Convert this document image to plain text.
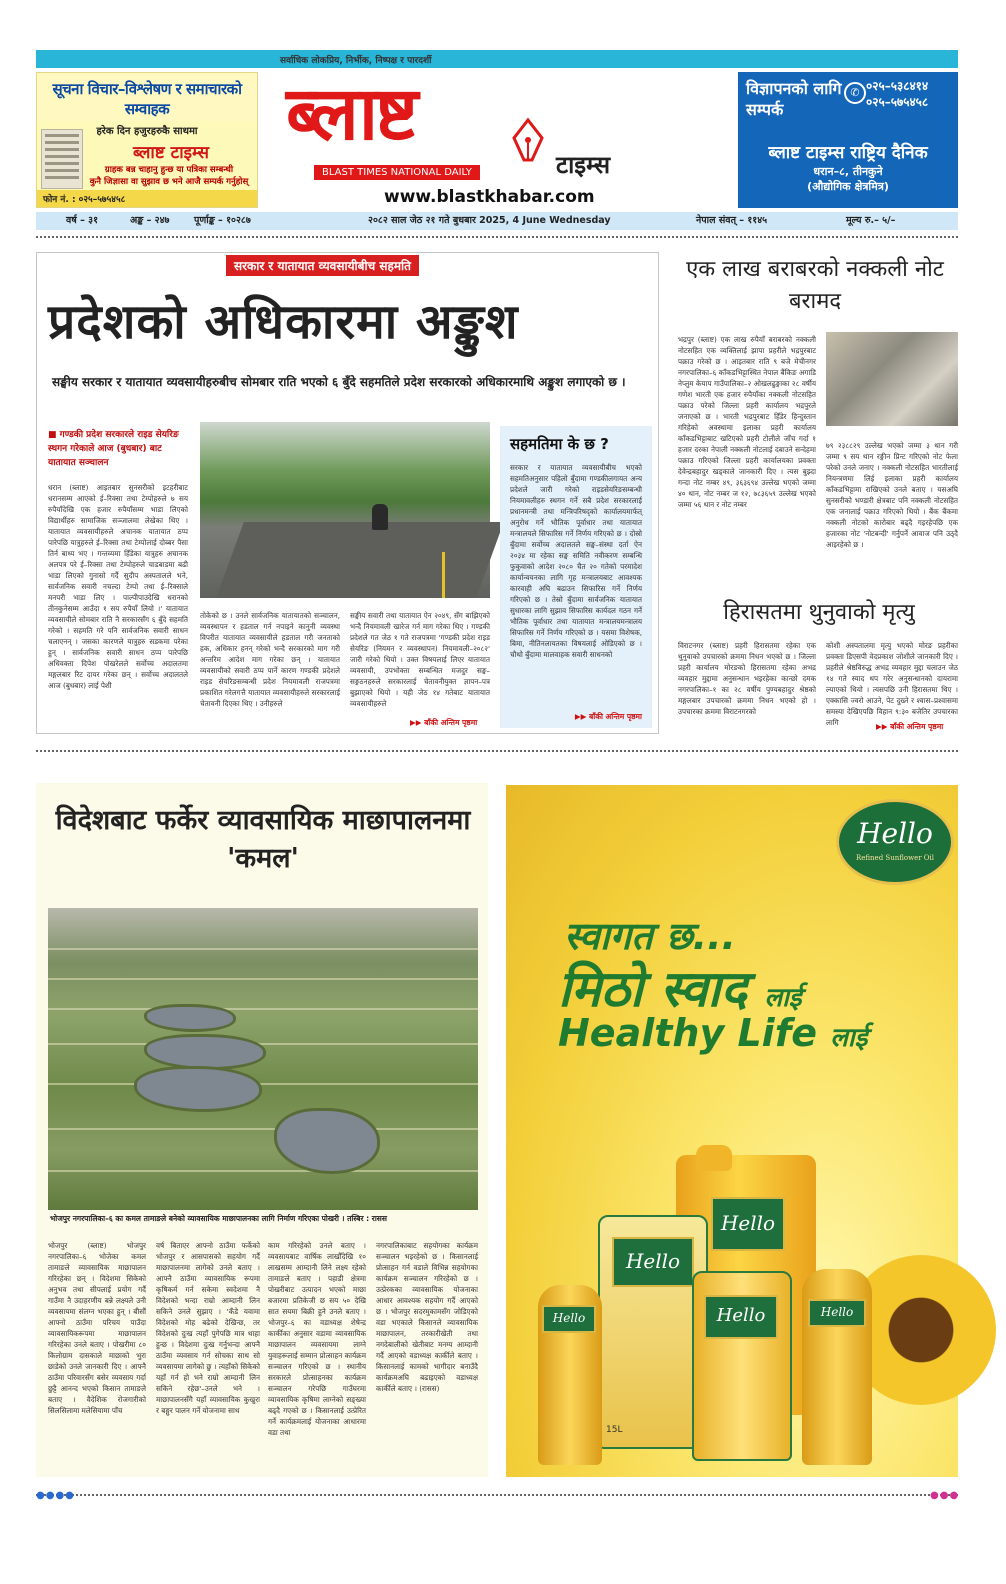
सर्वाधिक लोकप्रिय, निर्भीक, निष्पक्ष र पारदर्शी
सूचना विचार–विश्लेषण र समाचारको सम्वाहक
हरेक दिन हजुरहरुकै साथमा
ब्लाष्ट टाइम्स
ग्राहक बन्न चाहानु हुन्छ या पत्रिका सम्बन्धी
कुनै जिज्ञासा वा सुझाव छ भने आजै सम्पर्क गर्नुहोस्
फोन नं. : ०२५–५७५४५८
ब्लाष्ट
टाइम्स
BLAST TIMES NATIONAL DAILY
www.blastkhabar.com
विज्ञापनको लागि सम्पर्क
✆ ०२५–५३८४१४
०२५–५७५४५८
ब्लाष्ट टाइम्स राष्ट्रिय दैनिक
धरान–८, तीनकुने
(औद्योगिक क्षेत्रमित्र)
वर्ष – ३१	अङ्क – २४७	पूर्णाङ्क – १०२८७	२०८२ साल जेठ २१ गते बुधबार 2025, 4 June Wednesday	नेपाल संवत् – ११४५	मूल्य रु.– ५/–
सरकार र यातायात व्यवसायीबीच सहमति
प्रदेशको अधिकारमा अङ्कुश
सङ्घीय सरकार र यातायात व्यवसायीहरुबीच सोमबार राति भएको ६ बुँदे सहमतिले प्रदेश सरकारको अधिकारमाथि अङ्कुश लगाएको छ ।
■ गण्डकी प्रदेश सरकारले राइड सेयरिङ स्थगन गरेकाले आज (बुधबार) बाट यातायात सञ्चालन
धरान (ब्लाष्ट) आइतबार सुनसरीको इटहरीबाट धरानसम्म आएको ई–रिक्सा तथा टेम्पोहरुले ७ सय रुपैयाँदेखि एक हजार रुपैयाँसम्म भाडा लिएको विद्यार्थीहरु सामाजिक सञ्जालमा लेखेका थिए । यातायात व्यवसायीहरुले अचानक यातायात ठप्प पारेपछि यात्रुहरुले ई–रिक्सा तथा टेम्पोलाई दोब्बर पैसा तिर्न बाध्य भए । गन्तव्यमा हिँडेका यात्रुहरु अचानक अलपत्र परे ई–रिक्सा तथा टेम्पोहरुले चाडबाडमा बढी भाडा लिएको गुनासो गर्दै सुदीप अस्पतालले भने, सार्वजनिक सवारी नचल्दा टेम्पो तथा ई–रिक्साले मनपरी भाडा लिए । पाल्पीपाउदेखि धरानको तीनकुनेसम्म आउँदा १ सय रुपैयाँ लियो ।' यातायात व्यवसायीले सोमबार राति नै सरकारसँग ६ बुँदे सहमति गरेको । सहमति गरे पनि सार्वजनिक सवारी साधन चलाएनन् । जसका कारणले यात्रुहरु सडकमा परेका हुन् । सार्वजनिक सवारी साधन ठप्प पारेपछि अधिवक्ता दिपेश पोखरेलले सर्वोच्च अदालतमा मङ्गलबार रिट दायर गरेका छन् । सर्वोच्च अदालतले आज (बुधबार) लाई पेशी
तोकेको छ । उनले सार्वजनिक यातायातको सञ्चालन, व्यवस्थापन र हडताल गर्न नपाइने कानुनी व्यवस्था विपरीत यातायात व्यवसायीले हडताल गरी जनताको हक, अधिकार हनन् गरेको भन्दै सरकारको माग गरी अन्तरिम आदेश माग गरेका छन् । यातायात व्यवसायीको सवारी ठप्प पार्ने कारण गण्डकी प्रदेशले राइड सेयरिङसम्बन्धी प्रदेश नियमावली राजपत्रमा प्रकाशित गरेलगत्तै यातायात व्यवसायीहरुले सरकारलाई चेतावनी दिएका थिए । उनीहरुले
सङ्घीय सवारी तथा यातायात ऐन २०४९, सँग बाझिएको भन्दै नियमावली खारेज गर्न माग गरेका थिए । गण्डकी प्रदेशले गत जेठ १ गते राजपत्रमा 'गण्डकी प्रदेश राइड सेयरिङ (नियमन र व्यवस्थापन) नियमावली–२०८२' जारी गरेको थियो । उक्त विषयलाई लिएर यातायात व्यवसायी, उपभोक्ता सम्बन्धित मजदुर सङ्घ–सङ्गठनहरुले सरकारलाई चेतावनीयुक्त ज्ञापन–पत्र बुझाएको थियो । यही जेठ १४ गतेबाट यातायात व्यवसायीहरुले
▶▶ बाँकी अन्तिम पृष्ठमा
सहमतिमा के छ ?
सरकार र यातायात व्यवसायीबीच भएको सहमतिअनुसार पहिलो बुँदामा गण्डकीलगायत अन्य प्रदेशले जारी गरेको राइडसेयरिङसम्बन्धी नियमावलीहरु स्थगन गर्ने सबै प्रदेश सरकारलाई प्रधानमन्त्री तथा मन्त्रिपरिषद्को कार्यालयमार्फत् अनुरोध गर्ने भौतिक पूर्वाधार तथा यातायात मन्त्रालयले सिफारिस गर्ने निर्णय गरिएको छ । दोस्रो बुँदामा सर्वोच्च अदालतले सङ्घ–संस्था दर्ता ऐन २०३४ मा रहेका सङ्घ समिति नवीकरण सम्बन्धि फुकुवाको आदेश २०८० चैत २० गतेको परमादेश कार्यान्वयनका लागि गृह मन्त्रालयबाट आवश्यक कारवाही अघि बढाउन सिफारिस गर्ने निर्णय गरिएको छ । तेस्रो बुँदामा सार्वजनिक यातायात सुधारका लागि सुझाव सिफारिस कार्यदल गठन गर्ने भौतिक पूर्वाधार तथा यातायात मन्त्रालयमन्त्रालय सिफारिस गर्ने निर्णय गरिएको छ । यसमा विशेषक, बिमा, नीतिनलायतका विषयलाई ओडिएको छ । चौथो बुँदामा मालवाहक सवारी साधनको
▶▶ बाँकी अन्तिम पृष्ठमा
एक लाख बराबरको नक्कली नोट बरामद
भद्रपुर (ब्लाष्ट) एक लाख रुपैयाँ बराबरको नक्कली नोटसहित एक व्यक्तिलाई झापा प्रहरीले भद्रपुरबाट पक्राउ गरेको छ । आइतबार राति ९ बजे मेचीनगर नगरपालिका–६ काँकडभिट्टास्थित नेपाल बैंकिङ अगाडि नेप्लुम केयाप गाउँपालिका–२ ओखलढुङ्गाका २८ वर्षीय गणेश भारती एक हजार रुपैयाँका नक्कली नोटसहित पक्राउ परेको जिल्ला प्रहरी कार्यालय भद्रपुरले जनाएको छ । भारती भद्रपुरबाट हिँडेर हिन्दुस्तान गरिहेको अवस्थामा इलाका प्रहरी कार्यालय काँकडभिट्टाबाट खटिएको प्रहरी टोलीले जाँच गर्दा १ हजार दरका नेपाली नक्कली नोटलाई दबाउने सन्देहमा पक्राउ गरिएको जिल्ला प्रहरी कार्यालयका प्रवक्ता देवेन्द्रबहादुर खड्काले जानकारी दिए । त्यस बुझ्दा गन्दा नोट नम्बर ४९, ३६३६९४ उल्लेख भएको जम्मा ४० थान, नोट नम्बर ज १२, ७८३६५९ उल्लेख भएको जम्मा ५६ थान र नोट नम्बर
७९ २३८८२९ उल्लेख भएको जम्मा ३ थान गरी जम्मा ९ सय थान रङ्गीन प्रिन्ट गरिएको नोट फेला परेको उनले जनाए । नक्कली नोटसहित भारतीलाई नियन्त्रणमा लिई इलाका प्रहरी कार्यालय काँकडभिट्टामा राखिएको उनले बताए । यसअघि सुनसरीको भण्डारी क्षेत्रबाट पनि नक्कली नोटसहित एक जनालाई पक्राउ गरिएको थियो । बैंक बैंकमा नक्कली नोटको कारोबार बढ्दै गइरहेपछि एक हजारका नोट 'नोटबन्दी' गर्नुपर्ने आवाज पनि उठ्दै आइरहेको छ ।
हिरासतमा थुनुवाको मृत्यु
विराटनगर (ब्लाष्ट) प्रहरी हिरासतमा रहेका एक थुनुवाको उपचारको क्रममा निधन भएको छ । जिल्ला प्रहरी कार्यालय मोरङको हिरासतमा रहेका अभद्र व्यवहार मुद्दामा अनुसन्धान भइरहेका कान्छो दमक नगरपालिका–१ का २८ वर्षीय पुण्यबहादुर श्रेष्ठको मङ्गलबार उपचारको क्रममा निधन भएको हो । उपचारका क्रममा विराटनगरको
कोशी अस्पतालमा मृत्यु भएको मोरङ प्रहरीका प्रवक्ता डिएसपी वेदप्रकाश जोशीले जानकारी दिए । प्रहरीले श्रेष्ठविरुद्ध अभद्र व्यवहार मुद्दा चलाउन जेठ १४ गते स्याद थप गरेर अनुसन्धानको दायरामा ल्याएको थियो । त्यसपछि उनी हिरासतमा थिए । एक्कासि ज्वरो आउने, पेट दुख्ने र श्वास–प्रश्वासमा समस्या देखिएपछि विहान ९:३० बजेतिर उपचारका लागि	▶▶ बाँकी अन्तिम पृष्ठमा
विदेशबाट फर्केर व्यावसायिक माछापालनमा 'कमल'
भोजपुर नगरपालिका–६ का कमल तामाङले बनेको व्यावसायिक माछापालनका लागि निर्माण गरिएका पोखरी । तस्बिर : रासस
भोजपुर (ब्लाष्ट) भोजपुर नगरपालिका–६ भोजेका कमल तामाङले व्यावसायिक माछापालन गरिरहेका छन् । विदेशमा सिकेको अनुभव तथा सीपलाई प्रयोग गर्दै गाउँमा नै उदाहरणीय बन्ने लक्ष्यले उनी व्यवसायमा संलग्न भएका हुन् । बीसौं आफ्नो ठाउँमा परिचय पाउँदा व्यावसायिकरूपमा माछापालन गरिरहेका उनले बताए । पोखरीमा ८० किलोग्राम दासकाले माछाको भुरा छाडेको उनले जानकारी दिए । आफ्नै ठाउँमा परिवारसँग बसेर व्यवसाय गर्दा छुट्टै आनन्द भएको किसान तामाङले बताए । वैदेशिक रोजगारीको सिलसिलामा मलेसियामा पाँच
वर्ष बिताएर आफ्नो ठाउँमा फर्केको भोजपुर र आसपासको सहयोग गर्दै माछापालनमा लागेको उनले बताए । आफ्नै ठाउँमा व्यावसायिक रूपमा कृषिकर्म गर्न सकेमा स्वदेशमा नै विदेशको भन्दा राम्रो आम्दानी लिन सकिने उनले सुझाए । 'कँडे यवामा विदेशको मोह बढेको देखिन्छ, तर विदेशको दुःख त्यहाँ पुगेपछि मात्र थाहा हुन्छ । विदेशमा दुःख गर्नुभन्दा आफ्नै ठाउँमा व्यवसाय गर्न सोचका साथ सो व्यवसायमा लागेको छु । त्यहाँको सिकेको यहाँ गर्न हो भने राम्रो आम्दानी लिन सकिने रहेछ'–उनले भने । माछापालनसँगै यहाँ व्यावसायिक कुखुरा र बङ्गुर पालन गर्ने योजनामा साथ
काम गरिरहेको उनले बताए । व्यवसायबाट वार्षिक लाखौँदेखि १० लाखसम्म आम्दानी लिने लक्ष्य रहेको तामाङले बताए । पहाडी क्षेत्रमा पोखरीबाट उत्पादन भएको माछा बजारमा प्रतिकेजी छ सय ५० देखि सात सयमा बिक्री हुने उनले बताए । भोजपुर–६ का वडाध्यक्ष शेषेन्द्र कार्कीका अनुसार वडामा व्यावसायिक माछापालन व्यवसायमा लाग्ने युवाहरूलाई सम्मान प्रोत्साहन कार्यक्रम सञ्चालन गरिएको छ । स्थानीय सरकारले प्रोत्साहनका कार्यक्रम सञ्चालन गरेपछि गाउँघरमा व्यावसायिक कृषिमा लाग्नेको सङ्ख्या बढ्दै गएको छ । किसानलाई उत्प्रेरित गर्ने कार्यक्रमलाई योजनाका आधारमा वडा तथा
नगरपालिकाबाट सहयोगका कार्यक्रम सञ्चालन भइरहेको छ । किसानलाई प्रोत्साहन गर्न वडाले विभिन्न सहयोगका कार्यक्रम सञ्चालन गरिरहेको छ । उत्प्रेरकका व्यावसायिक योजनाका आधार आवश्यक सहयोग गर्दै आएको छ । भोजपुर सदरमुकामसँग जोडिएको वडा भएकाले किसानले व्यावसायिक माछापालन, तरकारीखेती तथा नगदेबालीको खेतीबाट मनग्य आम्दानी गर्दै आएको वडाध्यक्ष कार्कीले बताए । किसानलाई कामको भागीदार बनाउँदै कार्यक्रमअघि बढाइएको वडाध्यक्ष कार्कीले बताए । (रासस)
Hello
Refined Sunflower Oil
स्वागत छ...
मिठो स्वाद लाई
Healthy Life लाई
Hello
Hello
Hello
Hello	Hello
15L
●●●●	●●●
